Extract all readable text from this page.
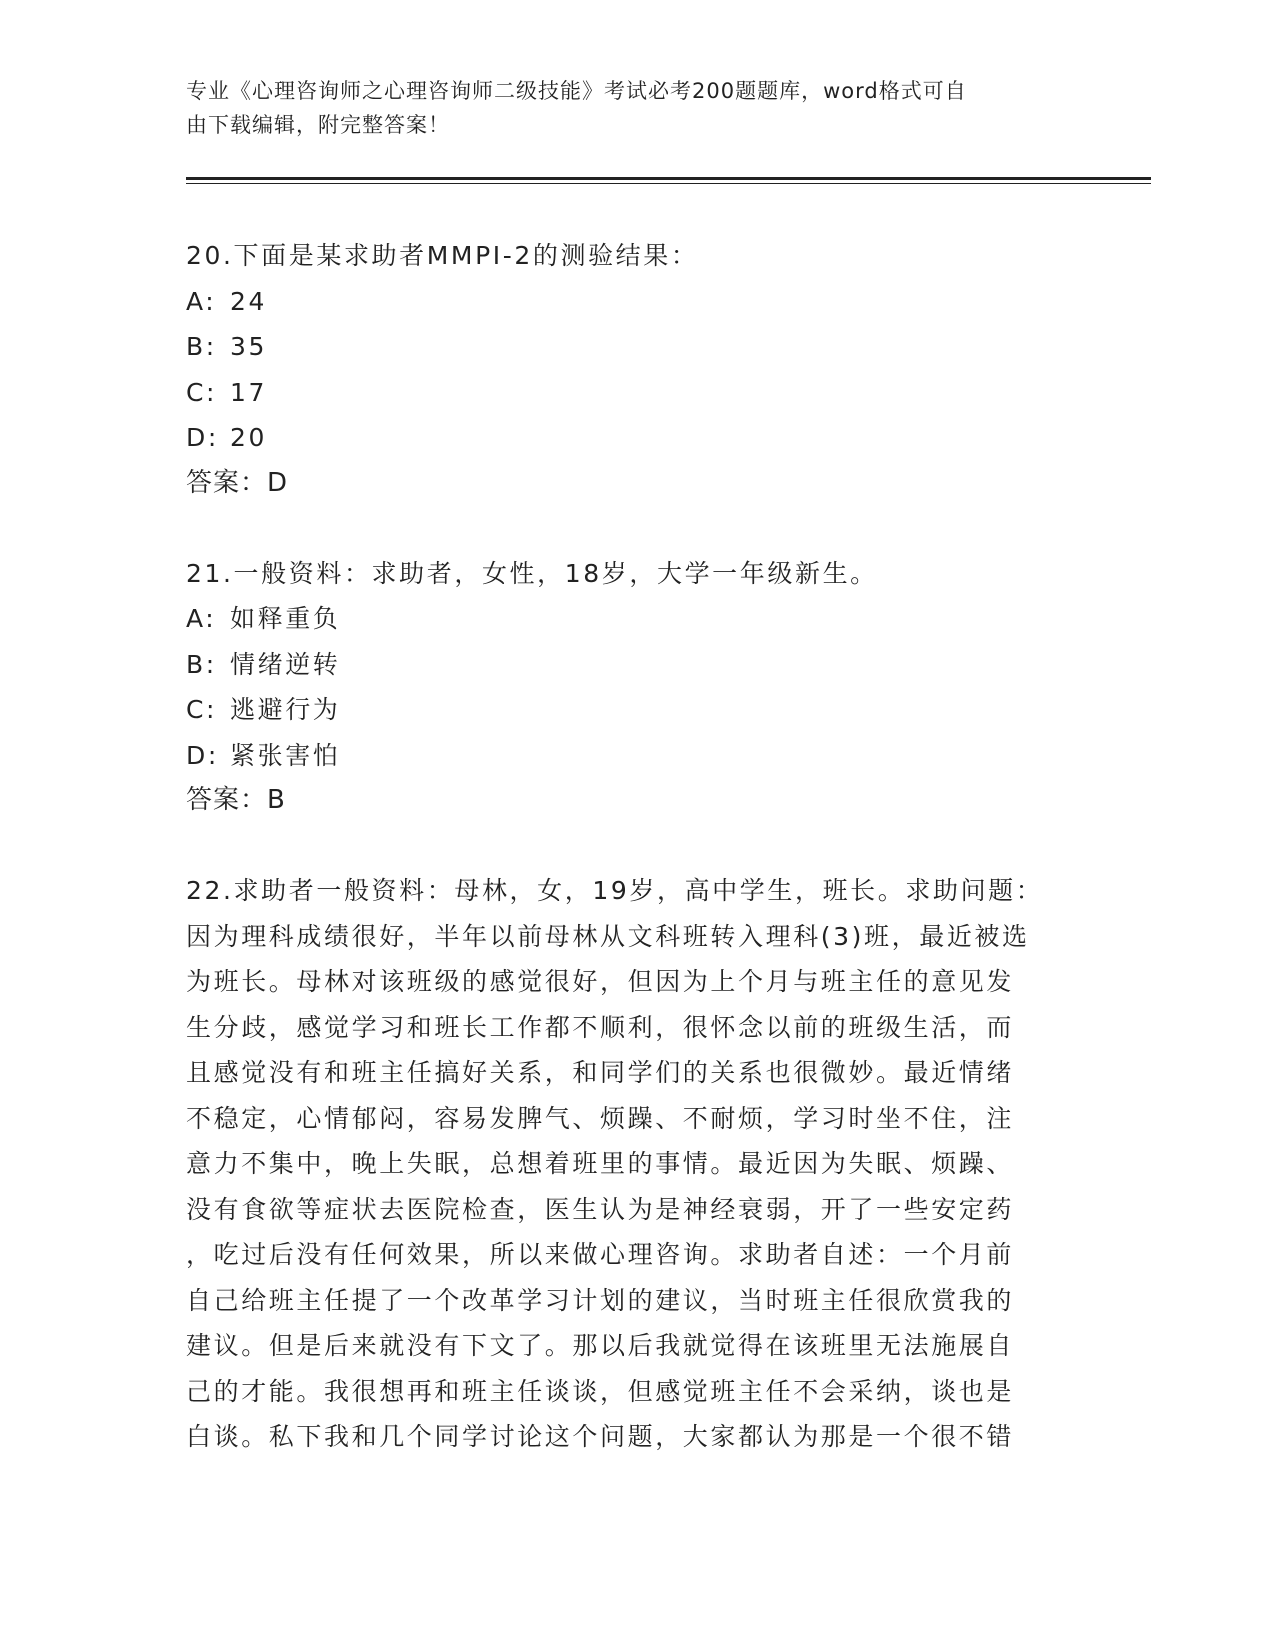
专业《心理咨询师之心理咨询师二级技能》考试必考200题题库，word格式可自
由下载编辑，附完整答案！
20.下面是某求助者MMPI-2的测验结果：
A: 24
B: 35
C: 17
D: 20
答案：D
21.一般资料：求助者，女性，18岁，大学一年级新生。
A: 如释重负
B: 情绪逆转
C: 逃避行为
D: 紧张害怕
答案：B
22.求助者一般资料：母林，女，19岁，高中学生，班长。求助问题：
因为理科成绩很好，半年以前母林从文科班转入理科(3)班，最近被选
为班长。母林对该班级的感觉很好，但因为上个月与班主任的意见发
生分歧，感觉学习和班长工作都不顺利，很怀念以前的班级生活，而
且感觉没有和班主任搞好关系，和同学们的关系也很微妙。最近情绪
不稳定，心情郁闷，容易发脾气、烦躁、不耐烦，学习时坐不住，注
意力不集中，晚上失眠，总想着班里的事情。最近因为失眠、烦躁、
没有食欲等症状去医院检查，医生认为是神经衰弱，开了一些安定药
，吃过后没有任何效果，所以来做心理咨询。求助者自述：一个月前
自己给班主任提了一个改革学习计划的建议，当时班主任很欣赏我的
建议。但是后来就没有下文了。那以后我就觉得在该班里无法施展自
己的才能。我很想再和班主任谈谈，但感觉班主任不会采纳，谈也是
白谈。私下我和几个同学讨论这个问题，大家都认为那是一个很不错
